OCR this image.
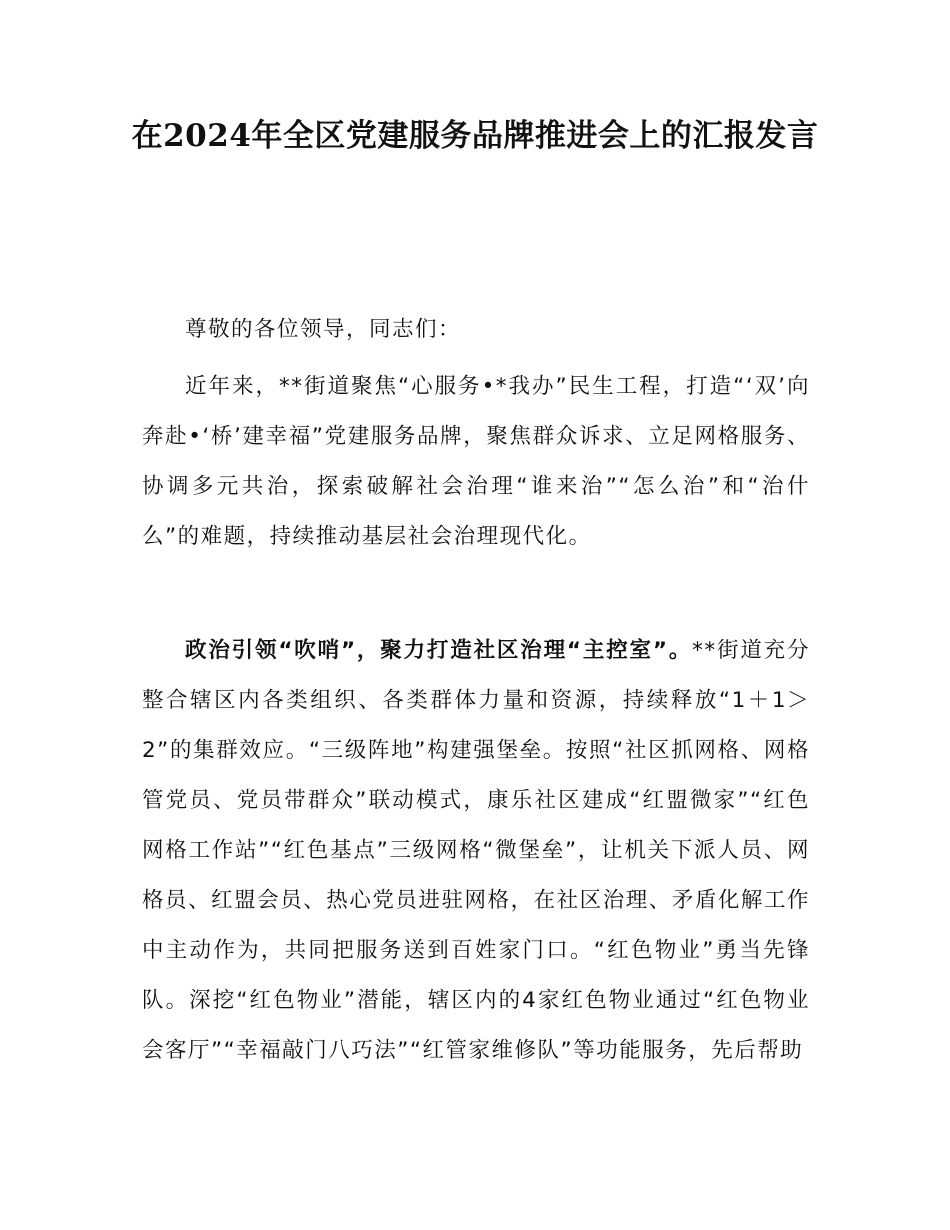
在2024年全区党建服务品牌推进会上的汇报发言
尊敬的各位领导，同志们：

近年来，**街道聚焦“心服务•*我办”民生工程，打造“‘双’向奔赴•‘桥’建幸福”党建服务品牌，聚焦群众诉求、立足网格服务、协调多元共治，探索破解社会治理“谁来治”“怎么治”和“治什么”的难题，持续推动基层社会治理现代化。

政治引领“吹哨”，聚力打造社区治理“主控室”。**街道充分整合辖区内各类组织、各类群体力量和资源，持续释放“1＋1＞2”的集群效应。“三级阵地”构建强堡垒。按照“社区抓网格、网格管党员、党员带群众”联动模式，康乐社区建成“红盟微家”“红色网格工作站”“红色基点”三级网格“微堡垒”，让机关下派人员、网格员、红盟会员、热心党员进驻网格，在社区治理、矛盾化解工作中主动作为，共同把服务送到百姓家门口。“红色物业”勇当先锋队。深挖“红色物业”潜能，辖区内的4家红色物业通过“红色物业会客厅”“幸福敲门八巧法”“红管家维修队”等功能服务，先后帮助
